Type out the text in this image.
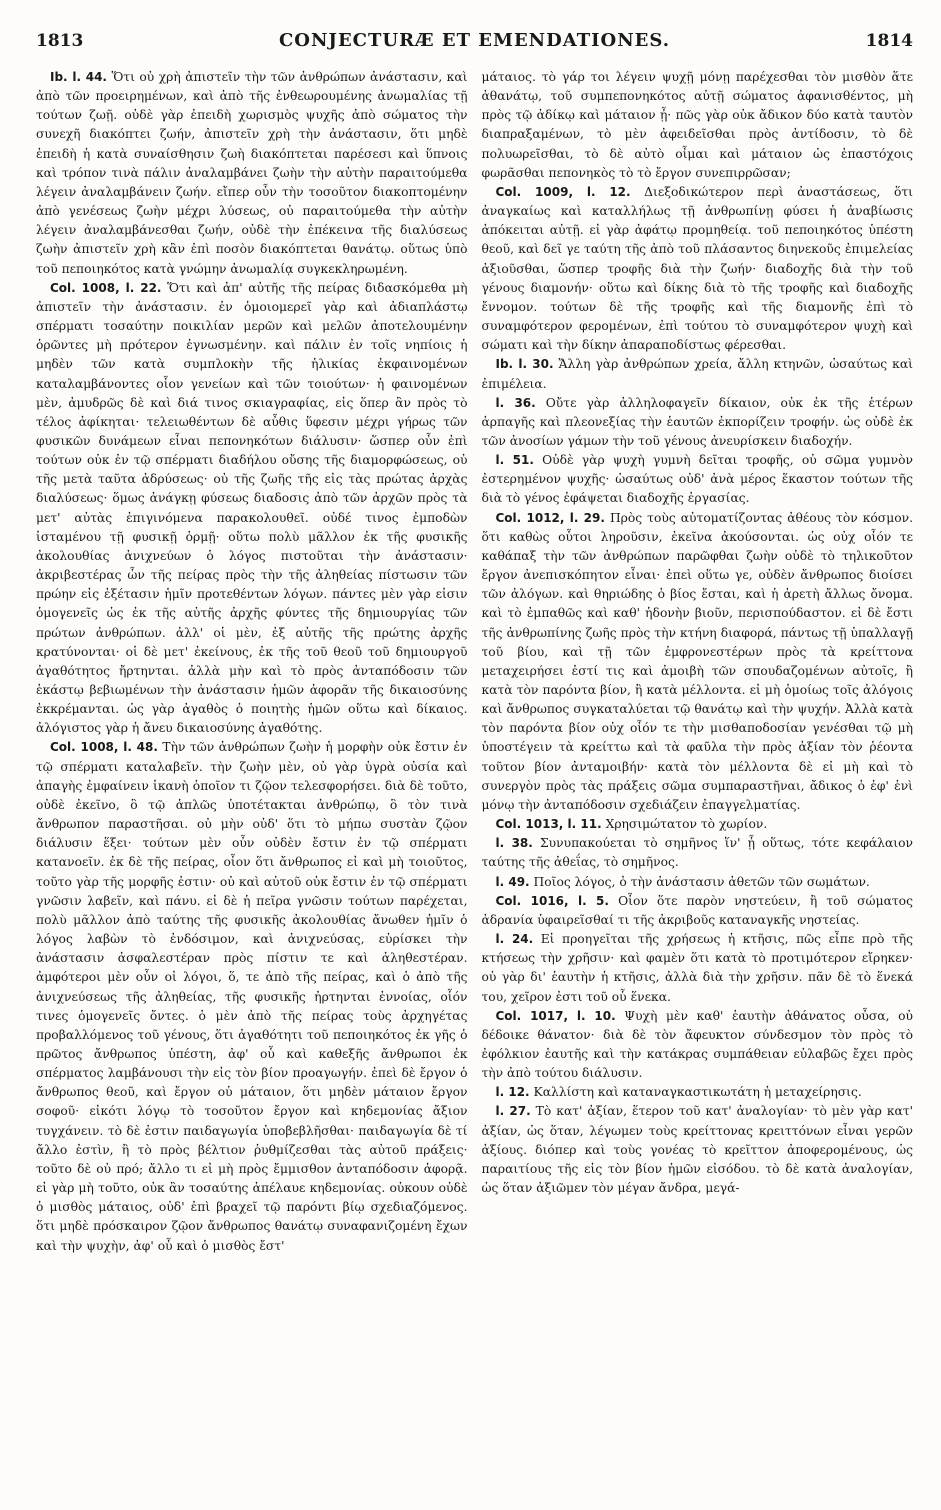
1813	CONJECTURÆ ET EMENDATIONES.	1814

Ib. l. 44. Ὅτι οὐ χρὴ ἀπιστεῖν τὴν τῶν ἀνθρώπων ἀνάστασιν, καὶ ἀπὸ τῶν προειρημένων, καὶ ἀπὸ τῆς ἐνθεωρουμένης ἀνωμαλίας τῇ τούτων ζωῇ. οὐδὲ γὰρ ἐπειδὴ χωρισμὸς ψυχῆς ἀπὸ σώματος τὴν συνεχῆ διακόπτει ζωήν, ἀπιστεῖν χρὴ τὴν ἀνάστασιν, ὅτι μηδὲ ἐπειδὴ ἡ κατὰ συναίσθησιν ζωὴ διακόπτεται παρέσεσι καὶ ὕπνοις καὶ τρόπον τινὰ πάλιν ἀναλαμβάνει ζωὴν τὴν αὐτὴν παραιτούμεθα λέγειν ἀναλαμβάνειν ζωήν. εἴπερ οὖν τὴν τοσοῦτον διακοπτομένην ἀπὸ γενέσεως ζωὴν μέχρι λύσεως, οὐ παραιτούμεθα τὴν αὐτὴν λέγειν ἀναλαμβάνεσθαι ζωήν, οὐδὲ τὴν ἐπέκεινα τῆς διαλύσεως ζωὴν ἀπιστεῖν χρὴ κἂν ἐπὶ ποσὸν διακόπτεται θανάτῳ. οὕτως ὑπὸ τοῦ πεποιηκότος κατὰ γνώμην ἀνωμαλίᾳ συγκεκληρωμένη.

Col. 1008, l. 22. Ὅτι καὶ ἀπ' αὐτῆς τῆς πείρας διδασκόμεθα μὴ ἀπιστεῖν τὴν ἀνάστασιν. ἐν ὁμοιομερεῖ γὰρ καὶ ἀδιαπλάστῳ σπέρματι τοσαύτην ποικιλίαν μερῶν καὶ μελῶν ἀποτελουμένην ὁρῶντες μὴ πρότερον ἐγνωσμένην. καὶ πάλιν ἐν τοῖς νηπίοις ἡ μηδὲν τῶν κατὰ συμπλοκὴν τῆς ἡλικίας ἐκφαινομένων καταλαμβάνοντες οἷον γενείων καὶ τῶν τοιούτων· ἡ φαινομένων μὲν, ἀμυδρῶς δὲ καὶ διά τινος σκιαγραφίας, εἰς ὅπερ ἂν πρὸς τὸ τέλος ἀφίκηται· τελειωθέντων δὲ αὖθις ὕφεσιν μέχρι γήρως τῶν φυσικῶν δυνάμεων εἶναι πεπονηκότων διάλυσιν· ὥσπερ οὖν ἐπὶ τούτων οὐκ ἐν τῷ σπέρματι διαδήλου οὔσης τῆς διαμορφώσεως, οὐ τῆς μετὰ ταῦτα ἀδρύσεως· οὐ τῆς ζωῆς τῆς εἰς τὰς πρώτας ἀρχὰς διαλύσεως· ὅμως ἀνάγκῃ φύσεως διαδοσις ἀπὸ τῶν ἀρχῶν πρὸς τὰ μετ' αὐτὰς ἐπιγινόμενα παρακολουθεῖ. οὐδέ τινος ἐμποδὼν ἱσταμένου τῇ φυσικῇ ὁρμῇ· οὕτω πολὺ μᾶλλον ἐκ τῆς φυσικῆς ἀκολουθίας ἀνιχνεύων ὁ λόγος πιστοῦται τὴν ἀνάστασιν· ἀκριβεστέρας ὧν τῆς πείρας πρὸς τὴν τῆς ἀληθείας πίστωσιν τῶν πρώην εἰς ἐξέτασιν ἡμῖν προτεθέντων λόγων. πάντες μὲν γὰρ εἰσιν ὁμογενεῖς ὡς ἐκ τῆς αὐτῆς ἀρχῆς φύντες τῆς δημιουργίας τῶν πρώτων ἀνθρώπων. ἀλλ' οἱ μὲν, ἐξ αὐτῆς τῆς πρώτης ἀρχῆς κρατύνονται· οἱ δὲ μετ' ἐκείνους, ἐκ τῆς τοῦ θεοῦ τοῦ δημιουργοῦ ἀγαθότητος ἤρτηνται. ἀλλὰ μὴν καὶ τὸ πρὸς ἀνταπόδοσιν τῶν ἑκάστῳ βεβιωμένων τὴν ἀνάστασιν ἡμῶν ἀφορᾶν τῆς δικαιοσύνης ἐκκρέμανται. ὡς γὰρ ἀγαθὸς ὁ ποιητὴς ἡμῶν οὕτω καὶ δίκαιος. ἀλόγιστος γὰρ ἡ ἄνευ δικαιοσύνης ἀγαθότης.

Col. 1008, l. 48. Τὴν τῶν ἀνθρώπων ζωὴν ἡ μορφὴν οὐκ ἔστιν ἐν τῷ σπέρματι καταλαβεῖν. τὴν ζωὴν μὲν, οὐ γὰρ ὑγρὰ οὐσία καὶ ἀπαγὴς ἐμφαίνειν ἱκανὴ ὁποῖον τι ζῷον τελεσφορήσει. διὰ δὲ τοῦτο, οὐδὲ ἐκεῖνο, ὃ τῷ ἁπλῶς ὑποτέτακται ἀνθρώπῳ, ὃ τὸν τινὰ ἄνθρωπον παραστῆσαι. οὐ μὴν οὐδ' ὅτι τὸ μήπω συστὰν ζῷον διάλυσιν ἕξει· τούτων μὲν οὖν οὐδὲν ἔστιν ἐν τῷ σπέρματι κατανοεῖν. ἐκ δὲ τῆς πείρας, οἷον ὅτι ἄνθρωπος εἰ καὶ μὴ τοιοῦτος, τοῦτο γὰρ τῆς μορφῆς ἐστιν· οὐ καὶ αὐτοῦ οὐκ ἔστιν ἐν τῷ σπέρματι γνῶσιν λαβεῖν, καὶ πάνυ. εἰ δὲ ἡ πεῖρα γνῶσιν τούτων παρέχεται, πολὺ μᾶλλον ἀπὸ ταύτης τῆς φυσικῆς ἀκολουθίας ἄνωθεν ἡμῖν ὁ λόγος λαβὼν τὸ ἐνδόσιμον, καὶ ἀνιχνεύσας, εὑρίσκει τὴν ἀνάστασιν ἀσφαλεστέραν πρὸς πίστιν τε καὶ ἀληθεστέραν. ἀμφότεροι μὲν οὖν οἱ λόγοι, ὅ, τε ἀπὸ τῆς πείρας, καὶ ὁ ἀπὸ τῆς ἀνιχνεύσεως τῆς ἀληθείας, τῆς φυσικῆς ἠρτηνται ἐννοίας, οἷόν τινες ὁμογενεῖς ὄντες. ὁ μὲν ἀπὸ τῆς πείρας τοὺς ἀρχηγέτας προβαλλόμενος τοῦ γένους, ὅτι ἀγαθότητι τοῦ πεποιηκότος ἐκ γῆς ὁ πρῶτος ἄνθρωπος ὑπέστη, ἀφ' οὗ καὶ καθεξῆς ἄνθρωποι ἐκ σπέρματος λαμβάνουσι τὴν εἰς τὸν βίον προαγωγήν. ἐπεὶ δὲ ἔργον ὁ ἄνθρωπος θεοῦ, καὶ ἔργον οὐ μάταιον, ὅτι μηδὲν μάταιον ἔργον σοφοῦ· εἰκότι λόγῳ τὸ τοσοῦτον ἔργον καὶ κηδεμονίας ἄξιον τυγχάνειν. τὸ δὲ ἐστιν παιδαγωγία ὑποβεβλῆσθαι· παιδαγωγία δὲ τί ἄλλο ἐστὶν, ἢ τὸ πρὸς βέλτιον ῥυθμίζεσθαι τὰς αὐτοῦ πράξεις· τοῦτο δὲ οὐ πρό; ἄλλο τι εἰ μὴ πρὸς ἔμμισθον ἀνταπόδοσιν ἀφορᾷ. εἰ γὰρ μὴ τοῦτο, οὐκ ἂν τοσαύτης ἀπέλαυε κηδεμονίας. οὐκουν οὐδὲ ὁ μισθὸς μάταιος, οὐδ' ἐπὶ βραχεῖ τῷ παρόντι βίῳ σχεδιαζόμενος. ὅτι μηδὲ πρόσκαιρον ζῷον ἄνθρωπος θανάτῳ συναφανιζομένη ἔχων καὶ τὴν ψυχὴν, ἀφ' οὗ καὶ ὁ μισθὸς ἔστ'

μάταιος. τὸ γάρ τοι λέγειν ψυχῇ μόνῃ παρέχεσθαι τὸν μισθὸν ἅτε ἀθανάτῳ, τοῦ συμπεπονηκότος αὐτῇ σώματος ἀφανισθέντος, μὴ πρὸς τῷ ἀδίκῳ καὶ μάταιον ᾖ· πῶς γὰρ οὐκ ἄδικον δύο κατὰ ταυτὸν διαπραξαμένων, τὸ μὲν ἀφειδεῖσθαι πρὸς ἀντίδοσιν, τὸ δὲ πολυωρεῖσθαι, τὸ δὲ αὐτὸ οἶμαι καὶ μάταιον ὡς ἐπαστόχοις φωρᾶσθαι πεπονηκὸς τὸ τὸ ἔργον συνεπιρρῶσαν;

Col. 1009, l. 12. Διεξοδικώτερον περὶ ἀναστάσεως, ὅτι ἀναγκαίως καὶ καταλλήλως τῇ ἀνθρωπίνῃ φύσει ἡ ἀναβίωσις ἀπόκειται αὐτῇ. εἰ γὰρ ἀφάτῳ προμηθείᾳ. τοῦ πεποιηκότος ὑπέστη θεοῦ, καὶ δεῖ γε ταύτη τῆς ἀπὸ τοῦ πλάσαντος διηνεκοῦς ἐπιμελείας ἀξιοῦσθαι, ὥσπερ τροφῆς διὰ τὴν ζωήν· διαδοχῆς διὰ τὴν τοῦ γένους διαμονήν· οὕτω καὶ δίκης διὰ τὸ τῆς τροφῆς καὶ διαδοχῆς ἔννομον. τούτων δὲ τῆς τροφῆς καὶ τῆς διαμονῆς ἐπὶ τὸ συναμφότερον φερομένων, ἐπὶ τούτου τὸ συναμφότερον ψυχὴ καὶ σώματι καὶ τὴν δίκην ἀπαραποδίστως φέρεσθαι.

Ib. l. 30. Ἄλλη γὰρ ἀνθρώπων χρεία, ἄλλη κτηνῶν, ὡσαύτως καὶ ἐπιμέλεια.

l. 36. Οὔτε γὰρ ἀλληλοφαγεῖν δίκαιον, οὐκ ἐκ τῆς ἑτέρων ἁρπαγῆς καὶ πλεονεξίας τὴν ἑαυτῶν ἐκπορίζειν τροφήν. ὡς οὐδὲ ἐκ τῶν ἀνοσίων γάμων τὴν τοῦ γένους ἀνευρίσκειν διαδοχήν.

l. 51. Οὐδὲ γὰρ ψυχὴ γυμνὴ δεῖται τροφῆς, οὐ σῶμα γυμνὸν ἐστερημένον ψυχῆς· ὡσαύτως οὐδ' ἀνὰ μέρος ἕκαστον τούτων τῆς διὰ τὸ γένος ἐφάψεται διαδοχῆς ἐργασίας.

Col. 1012, l. 29. Πρὸς τοὺς αὐτοματίζοντας ἀθέους τὸν κόσμον. ὅτι καθὼς οὗτοι ληροῦσιν, ἐκεῖνα ἀκούσονται. ὡς οὐχ οἷόν τε καθάπαξ τὴν τῶν ἀνθρώπων παρῶφθαι ζωὴν οὐδὲ τὸ τηλικοῦτον ἔργον ἀνεπισκόπητον εἶναι· ἐπεὶ οὕτω γε, οὐδὲν ἄνθρωπος διοίσει τῶν ἀλόγων. καὶ θηριώδης ὁ βίος ἔσται, καὶ ἡ ἀρετὴ ἄλλως ὄνομα. καὶ τὸ ἐμπαθῶς καὶ καθ' ἡδονὴν βιοῦν, περισπούδαστον. εἰ δὲ ἔστι τῆς ἀνθρωπίνης ζωῆς πρὸς τὴν κτήνη διαφορά, πάντως τῇ ὑπαλλαγῇ τοῦ βίου, καὶ τῇ τῶν ἐμφρονεστέρων πρὸς τὰ κρείττονα μεταχειρήσει ἐστί τις καὶ ἀμοιβὴ τῶν σπουδαζομένων αὐτοῖς, ἢ κατὰ τὸν παρόντα βίον, ἢ κατὰ μέλλοντα. εἰ μὴ ὁμοίως τοῖς ἀλόγοις καὶ ἄνθρωπος συγκαταλύεται τῷ θανάτῳ καὶ τὴν ψυχήν. Ἀλλὰ κατὰ τὸν παρόντα βίον οὐχ οἷόν τε τὴν μισθαποδοσίαν γενέσθαι τῷ μὴ ὑποστέγειν τὰ κρείττω καὶ τὰ φαῦλα τὴν πρὸς ἀξίαν τὸν ῥέοντα τοῦτον βίον ἀνταμοιβήν· κατὰ τὸν μέλλοντα δὲ εἰ μὴ καὶ τὸ συνεργὸν πρὸς τὰς πράξεις σῶμα συμπαραστῆναι, ἄδικος ὁ ἐφ' ἑνὶ μόνῳ τὴν ἀνταπόδοσιν σχεδιάζειν ἐπαγγελματίας.

Col. 1013, l. 11. Χρησιμώτατον τὸ χωρίον.

l. 38. Συνυπακούεται τὸ σημῆνος ἵν' ᾖ οὕτως, τότε κεφάλαιον ταύτης τῆς ἀθεΐας, τὸ σημῆνος.

l. 49. Ποῖος λόγος, ὁ τὴν ἀνάστασιν ἀθετῶν τῶν σωμάτων.

Col. 1016, l. 5. Οἷον ὅτε παρὸν νηστεύειν, ἢ τοῦ σώματος ἀδρανία ὑφαιρεῖσθαί τι τῆς ἀκριβοῦς καταναγκῆς νηστείας.

l. 24. Εἰ προηγεῖται τῆς χρήσεως ἡ κτῆσις, πῶς εἶπε πρὸ τῆς κτήσεως τὴν χρῆσιν· καὶ φαμὲν ὅτι κατὰ τὸ προτιμότερον εἴρηκεν· οὐ γὰρ δι' ἑαυτὴν ἡ κτῆσις, ἀλλὰ διὰ τὴν χρῆσιν. πᾶν δὲ τὸ ἕνεκά του, χεῖρον ἐστι τοῦ οὗ ἕνεκα.

Col. 1017, l. 10. Ψυχὴ μὲν καθ' ἑαυτὴν ἀθάνατος οὖσα, οὐ δέδοικε θάνατον· διὰ δὲ τὸν ἄφευκτον σύνδεσμον τὸν πρὸς τὸ ἐφόλκιον ἑαυτῆς καὶ τὴν κατάκρας συμπάθειαν εὐλαβῶς ἔχει πρὸς τὴν ἀπὸ τούτου διάλυσιν.

l. 12. Καλλίστη καὶ καταναγκαστικωτάτη ἡ μεταχείρησις.

l. 27. Τὸ κατ' ἀξίαν, ἕτερον τοῦ κατ' ἀναλογίαν· τὸ μὲν γὰρ κατ' ἀξίαν, ὡς ὅταν, λέγωμεν τοὺς κρείττονας κρειττόνων εἶναι γερῶν ἀξίους. διόπερ καὶ τοὺς γονέας τὸ κρεῖττον ἀποφερομένους, ὡς παραιτίους τῆς εἰς τὸν βίον ἡμῶν εἰσόδου. τὸ δὲ κατὰ ἀναλογίαν, ὡς ὅταν ἀξιῶμεν τὸν μέγαν ἄνδρα, μεγά-
